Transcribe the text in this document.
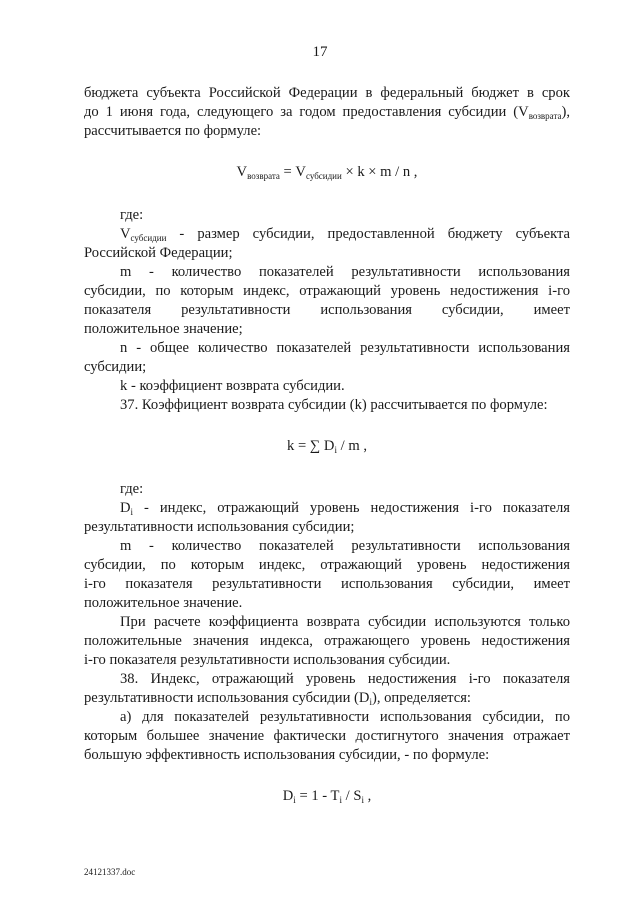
17

бюджета субъекта Российской Федерации в федеральный бюджет в срок

до 1 июня года, следующего за годом предоставления субсидии $(V_{возврата})$,

рассчитывается по формуле:

$V_{возврата} = V_{субсидии} \times k \times m / n$ ,

где:

$V_{субсидии}$ - размер субсидии, предоставленной бюджету субъекта

Российской Федерации;

m - количество показателей результативности использования

субсидии, по которым индекс, отражающий уровень недостижения i-го

показателя результативности использования субсидии, имеет

положительное значение;

n - общее количество показателей результативности использования

субсидии;

k - коэффициент возврата субсидии.

37. Коэффициент возврата субсидии (k) рассчитывается по формуле:

k = ∑ $D_i$ / m ,

где:

$D_i$ - индекс, отражающий уровень недостижения i-го показателя

результативности использования субсидии;

m - количество показателей результативности использования

субсидии, по которым индекс, отражающий уровень недостижения

i-го показателя результативности использования субсидии, имеет

положительное значение.

При расчете коэффициента возврата субсидии используются только

положительные значения индекса, отражающего уровень недостижения

i-го показателя результативности использования субсидии.

38. Индекс, отражающий уровень недостижения i-го показателя

результативности использования субсидии $(D_i)$, определяется:

а) для показателей результативности использования субсидии, по

которым большее значение фактически достигнутого значения отражает

большую эффективность использования субсидии, - по формуле:

$D_i = 1 - T_i / S_i$ ,

24121337.doc
